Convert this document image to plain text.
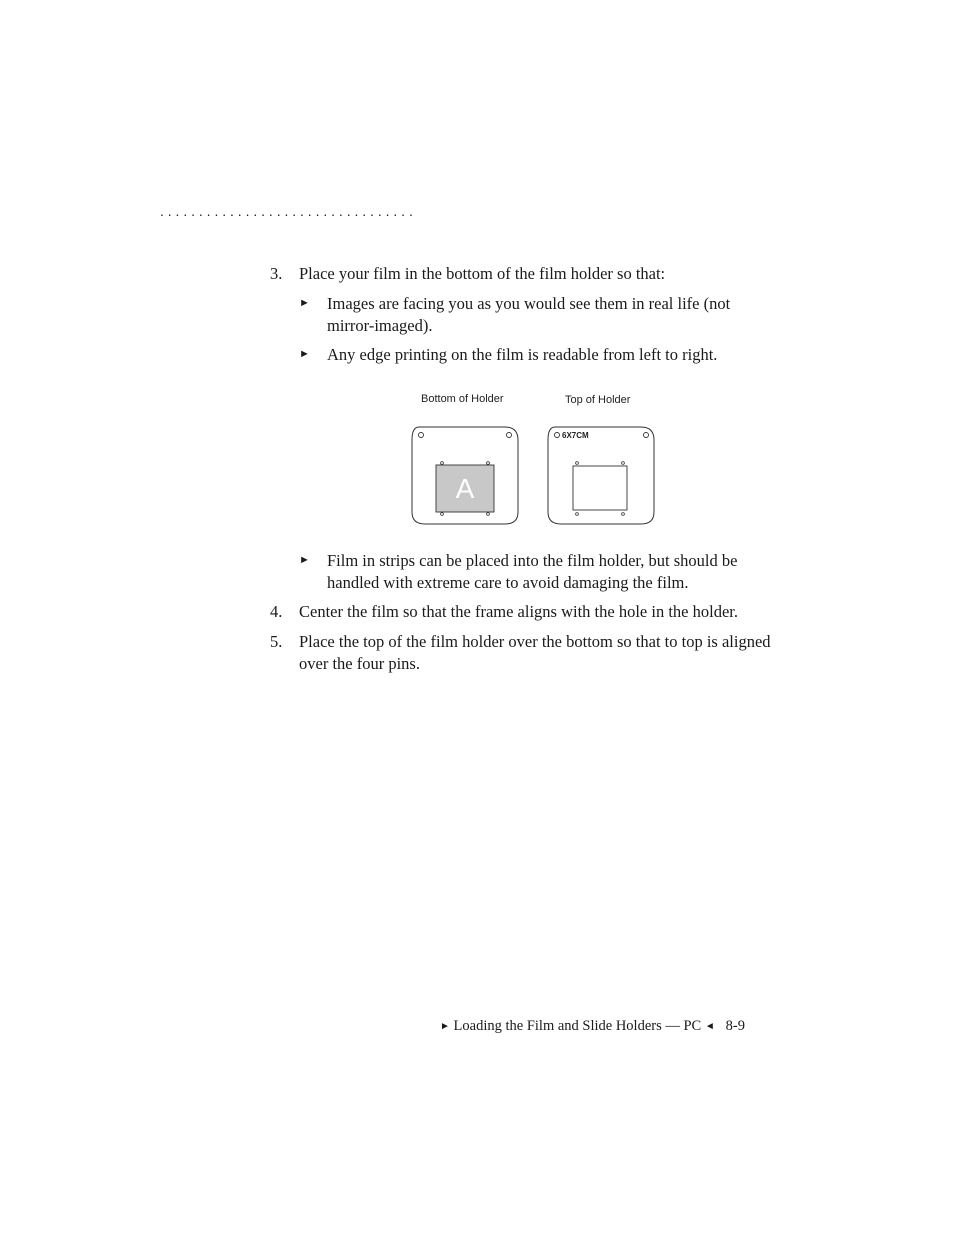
. . . . . . . . . . . . . . . . . . . . . . . . . . . . . . . . .
3. Place your film in the bottom of the film holder so that:
► Images are facing you as you would see them in real life (not mirror-imaged).
► Any edge printing on the film is readable from left to right.
Bottom of Holder	Top of Holder
A
6X7CM
► Film in strips can be placed into the film holder, but should be handled with extreme care to avoid damaging the film.
4. Center the film so that the frame aligns with the hole in the holder.
5. Place the top of the film holder over the bottom so that to top is aligned over the four pins.
► Loading the Film and Slide Holders — PC ◄ 8-9
